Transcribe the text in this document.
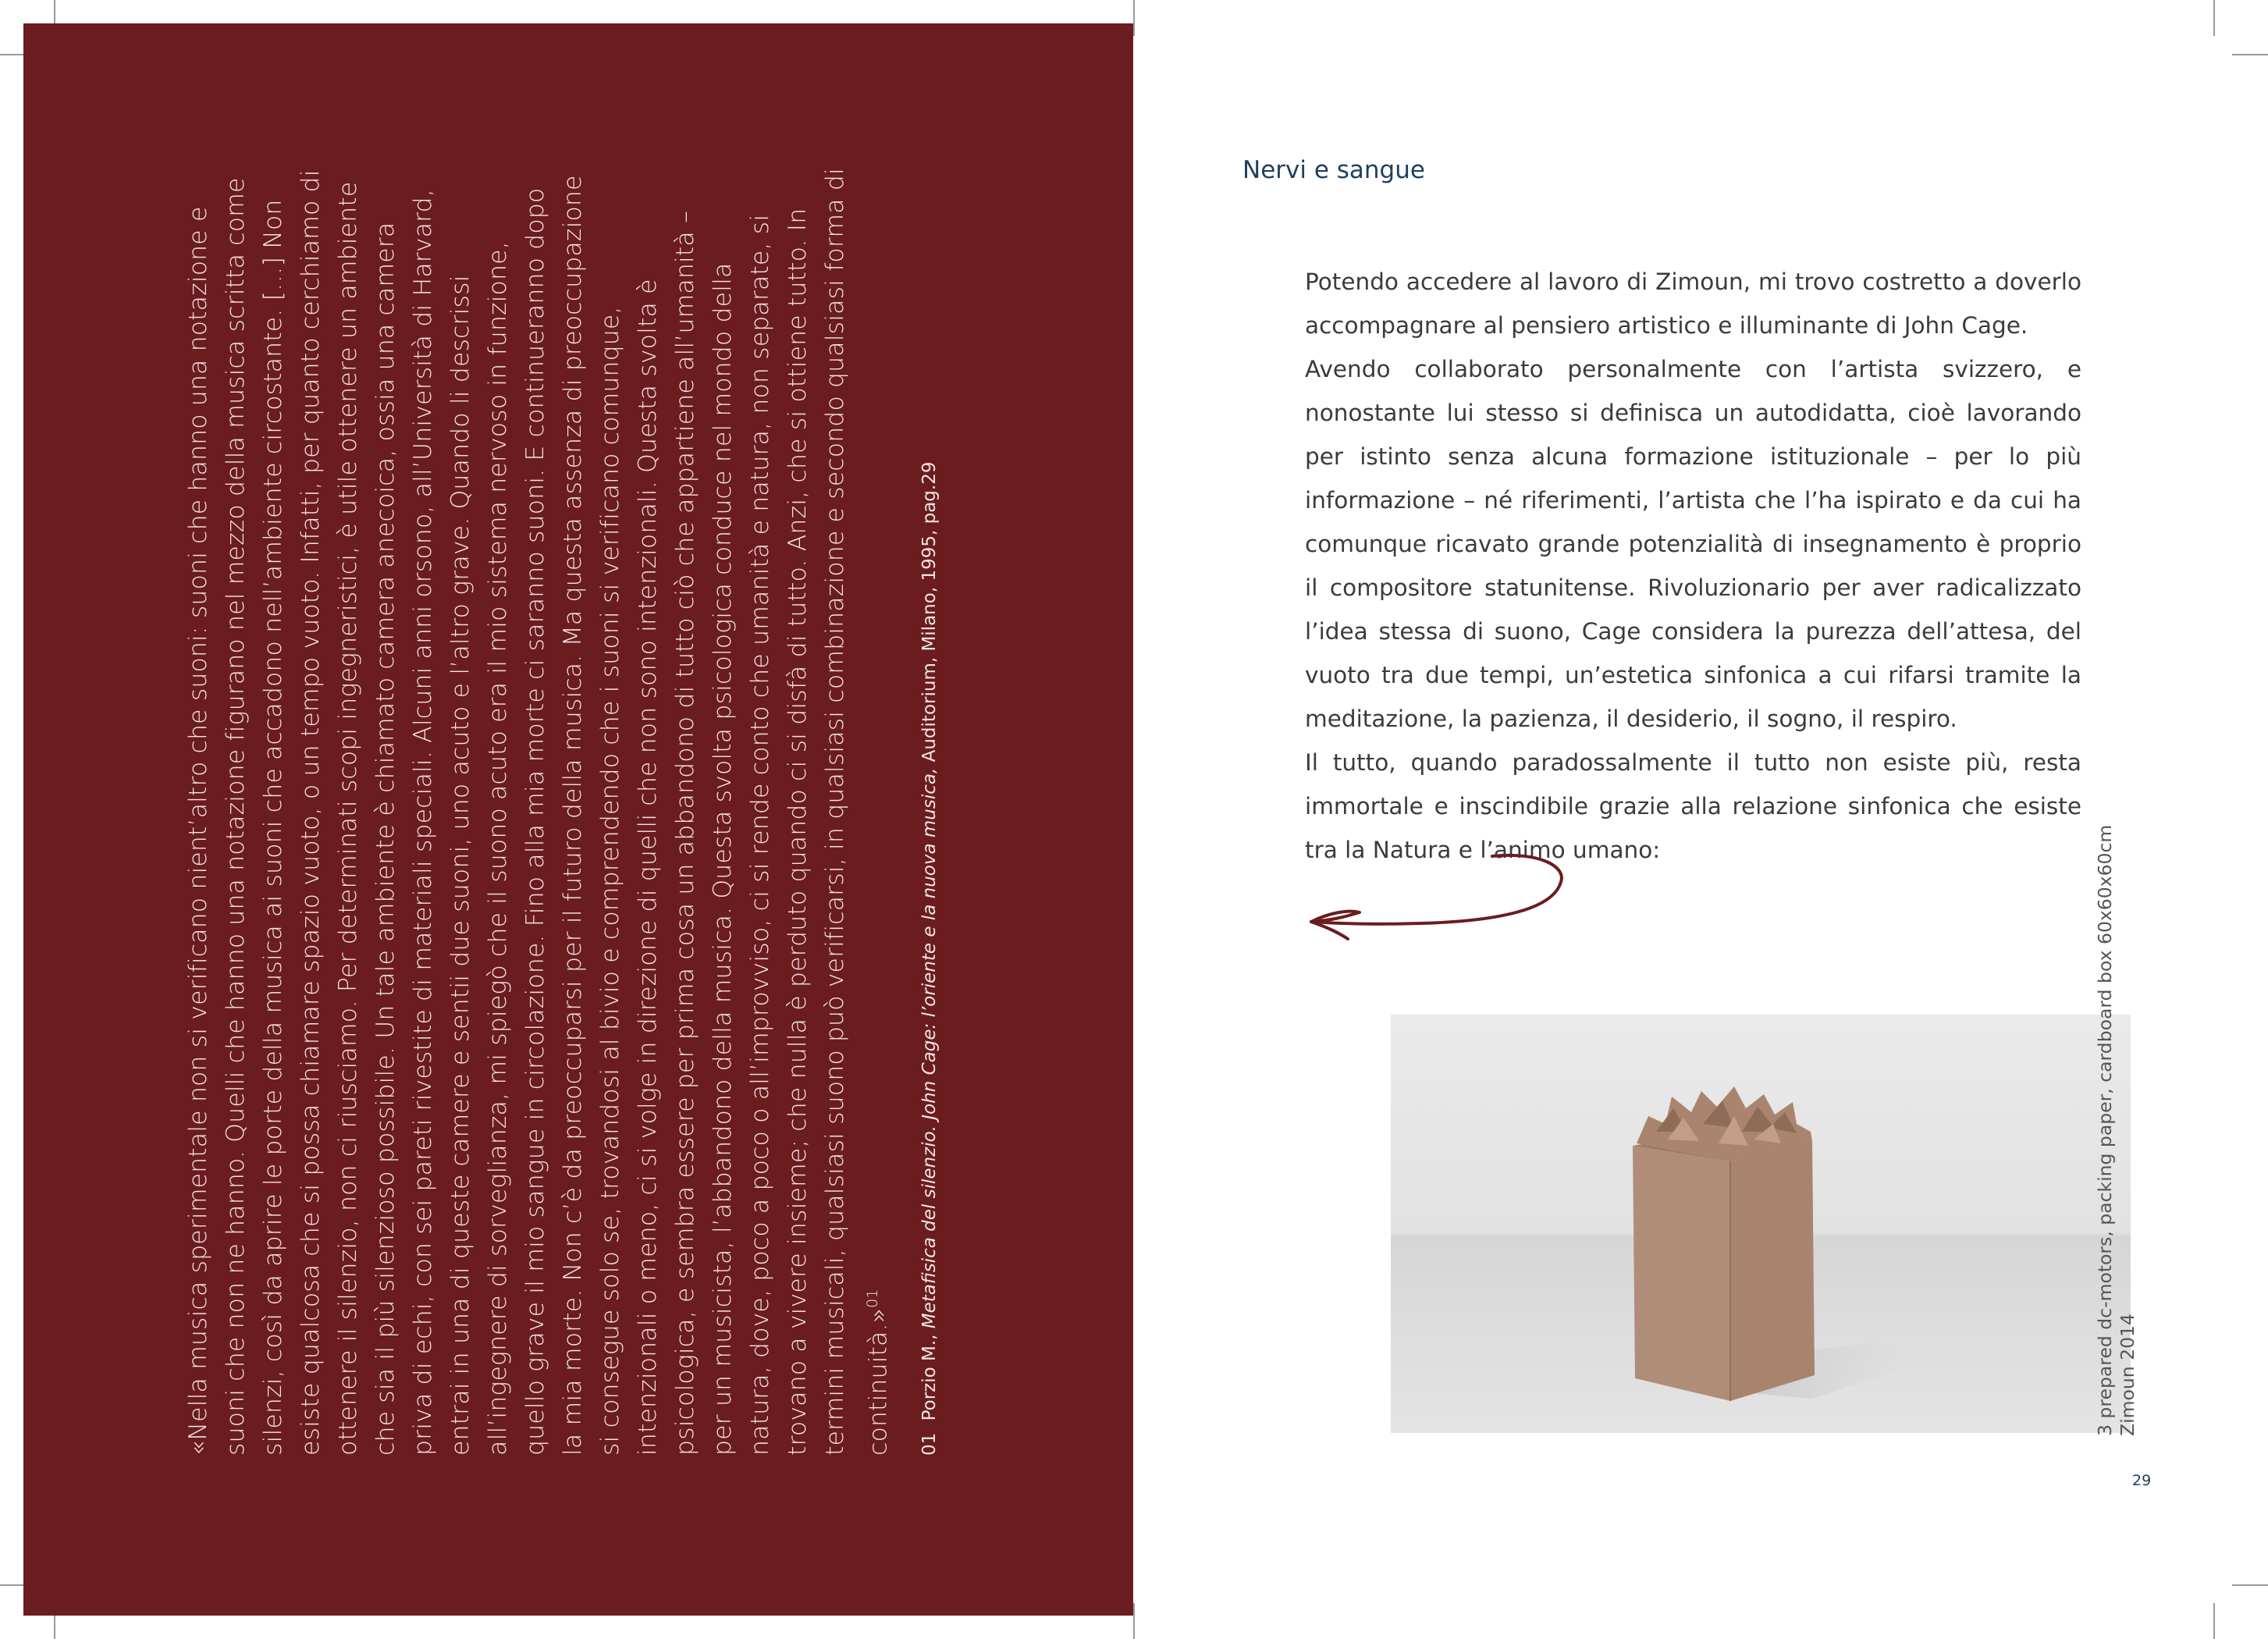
«Nella musica sperimentale non si verificano nient’altro che suoni: suoni che hanno una notazione e suoni che non ne hanno. Quelli che hanno una notazione figurano nel mezzo della musica scritta come silenzi, così da aprire le porte della musica ai suoni che accadono nell’ambiente circostante. […] Non esiste qualcosa che si possa chiamare spazio vuoto, o un tempo vuoto. Infatti, per quanto cerchiamo di ottenere il silenzio, non ci riusciamo. Per determinati scopi ingegneristici, è utile ottenere un ambiente che sia il più silenzioso possibile. Un tale ambiente è chiamato camera anecoica, ossia una camera priva di echi, con sei pareti rivestite di materiali speciali. Alcuni anni orsono, all’Università di Harvard, entrai in una di queste camere e sentii due suoni, uno acuto e l’altro grave. Quando li descrissi all’ingegnere di sorveglianza, mi spiegò che il suono acuto era il mio sistema nervoso in funzione, quello grave il mio sangue in circolazione. Fino alla mia morte ci saranno suoni. E continueranno dopo la mia morte. Non c’è da preoccuparsi per il futuro della musica. Ma questa assenza di preoccupazione si consegue solo se, trovandosi al bivio e comprendendo che i suoni si verificano comunque, intenzionali o meno, ci si volge in direzione di quelli che non sono intenzionali. Questa svolta è psicologica, e sembra essere per prima cosa un abbandono di tutto ciò che appartiene all’umanità – per un musicista, l’abbandono della musica. Questa svolta psicologica conduce nel mondo della natura, dove, poco a poco o all’improvviso, ci si rende conto che umanità e natura, non separate, si trovano a vivere insieme; che nulla è perduto quando ci si disfà di tutto. Anzi, che si ottiene tutto. In termini musicali, qualsiasi suono può verificarsi, in qualsiasi combinazione e secondo qualsiasi forma di continuità.»$^{01}$

01 Porzio M., Metafisica del silenzio. John Cage: l’oriente e la nuova musica, Auditorium, Milano, 1995, pag.29

Nervi e sangue

Potendo accedere al lavoro di Zimoun, mi trovo costretto a doverlo accompagnare al pensiero artistico e illuminante di John Cage.

Avendo collaborato personalmente con l’artista svizzero, e nonostante lui stesso si definisca un autodidatta, cioè lavorando per istinto senza alcuna formazione istituzionale – per lo più informazione – né riferimenti, l’artista che l’ha ispirato e da cui ha comunque ricavato grande potenzialità di insegnamento è proprio il compositore statunitense. Rivoluzionario per aver radicalizzato l’idea stessa di suono, Cage considera la purezza dell’attesa, del vuoto tra due tempi, un’estetica sinfonica a cui rifarsi tramite la meditazione, la pazienza, il desiderio, il sogno, il respiro.

Il tutto, quando paradossalmente il tutto non esiste più, resta immortale e inscindibile grazie alla relazione sinfonica che esiste tra la Natura e l’animo umano:	3 prepared dc-motors, packing paper, cardboard box 60x60x60cm Zimoun 2014
29
